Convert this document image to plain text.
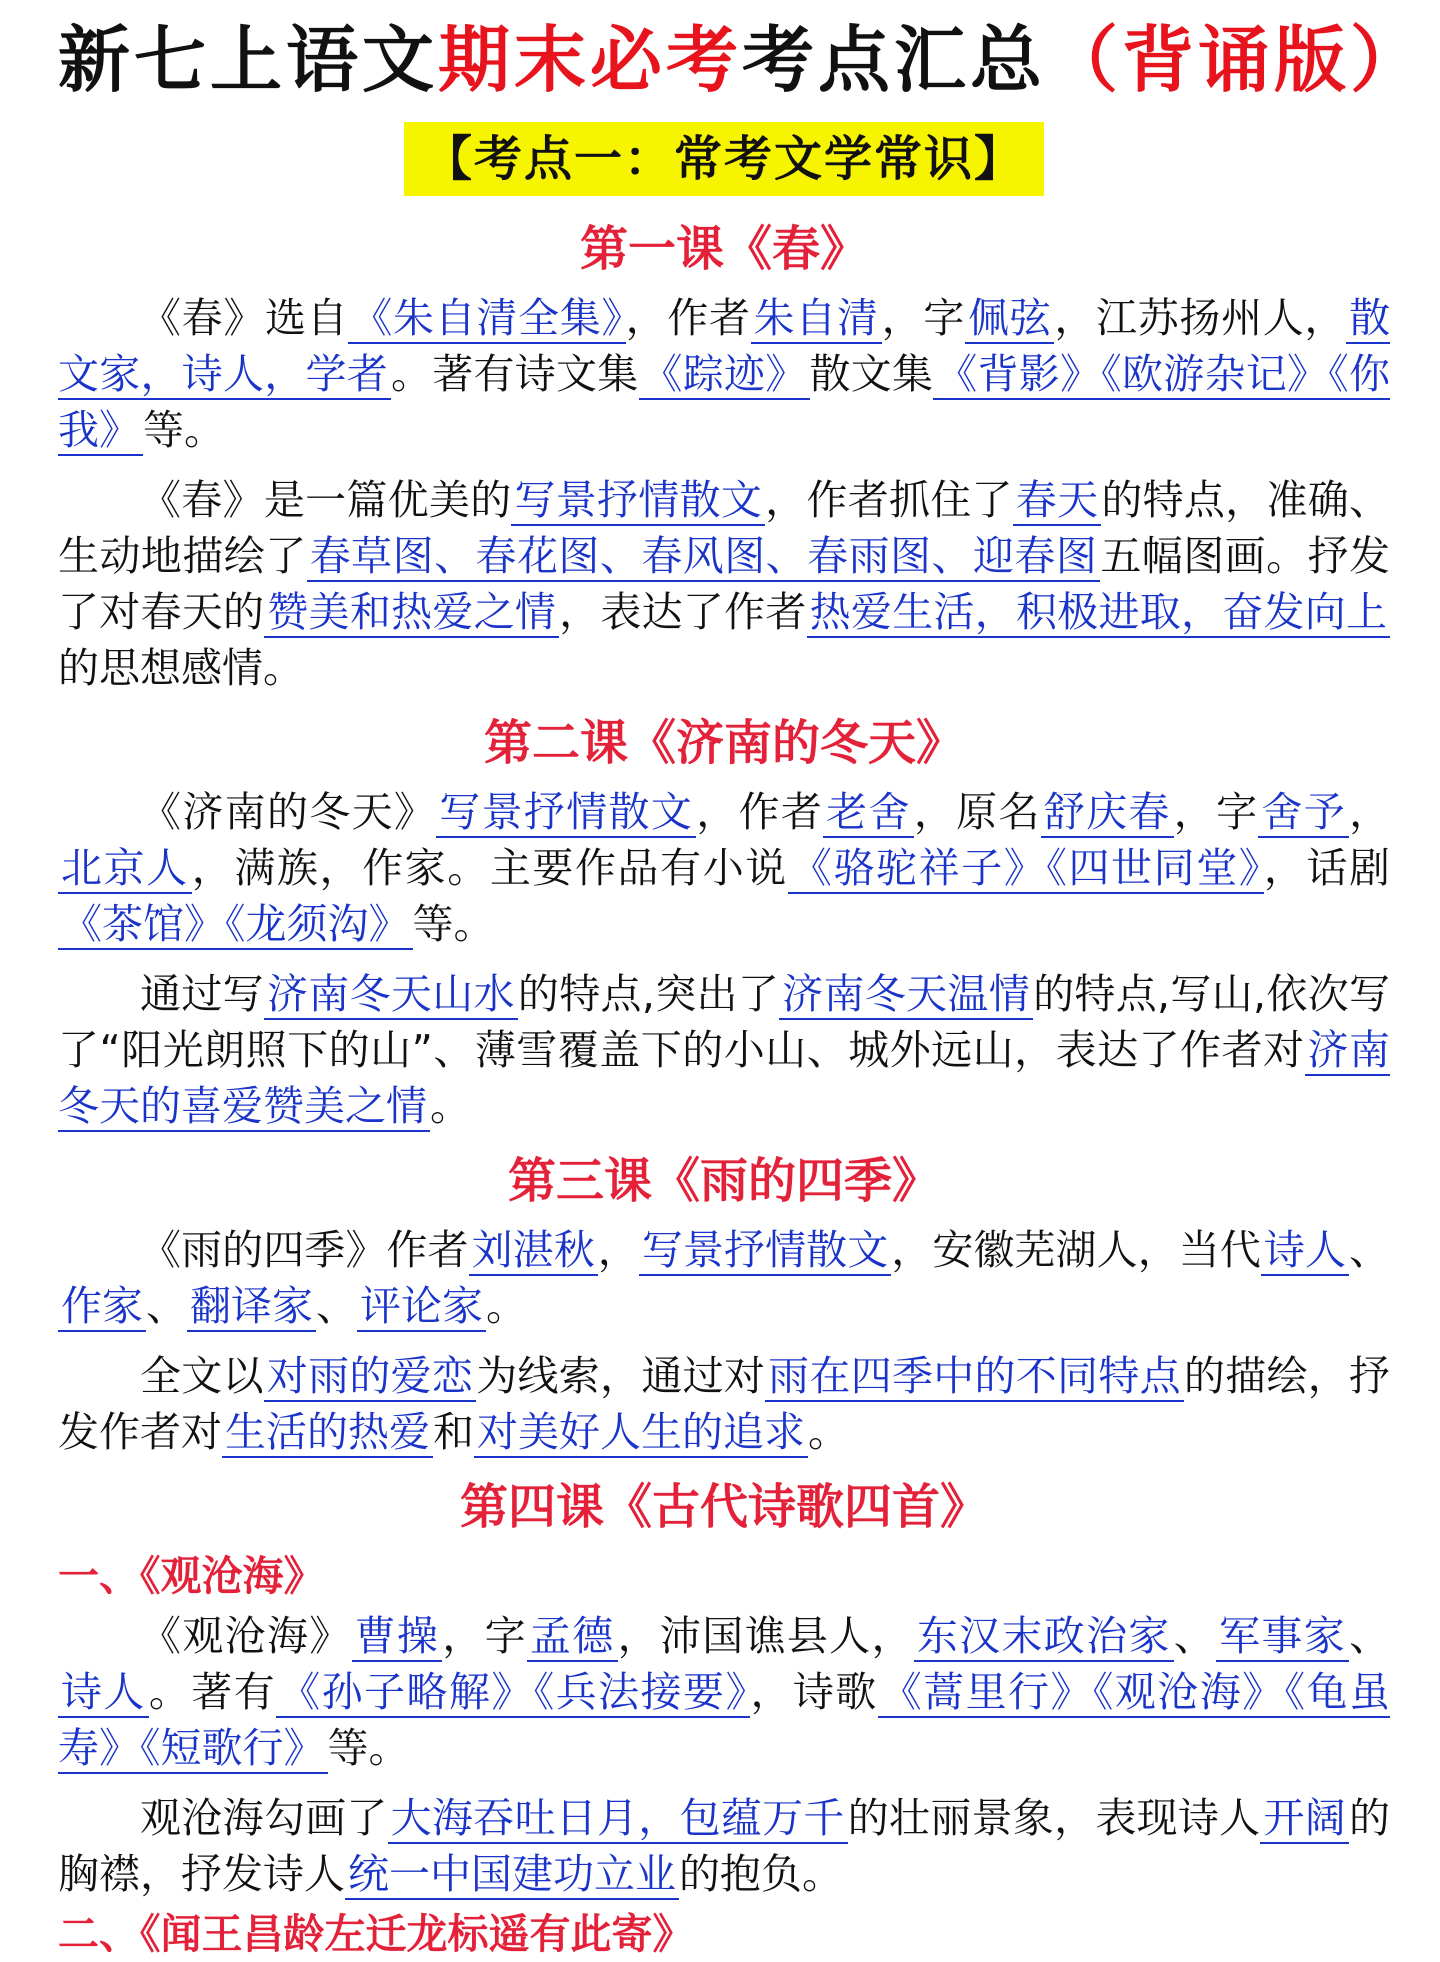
新七上语文期末必考考点汇总（背诵版）
【考点一：常考文学常识】
第一课《春》

《春》选自《朱自清全集》，作者朱自清，字佩弦，江苏扬州人，散文家，诗人，学者。著有诗文集《踪迹》散文集《背影》《欧游杂记》《你我》等。

《春》是一篇优美的写景抒情散文，作者抓住了春天的特点，准确、生动地描绘了春草图、春花图、春风图、春雨图、迎春图五幅图画。抒发了对春天的赞美和热爱之情，表达了作者热爱生活，积极进取，奋发向上的思想感情。

第二课《济南的冬天》

《济南的冬天》写景抒情散文，作者老舍，原名舒庆春，字舍予，北京人，满族，作家。主要作品有小说《骆驼祥子》《四世同堂》，话剧《茶馆》《龙须沟》等。

通过写济南冬天山水的特点,突出了济南冬天温情的特点,写山,依次写了“阳光朗照下的山”、薄雪覆盖下的小山、城外远山，表达了作者对济南冬天的喜爱赞美之情。

第三课《雨的四季》

《雨的四季》作者刘湛秋，写景抒情散文，安徽芜湖人，当代诗人、作家、翻译家、评论家。

全文以对雨的爱恋为线索，通过对雨在四季中的不同特点的描绘，抒发作者对生活的热爱和对美好人生的追求。

第四课《古代诗歌四首》
一、《观沧海》

《观沧海》曹操，字孟德，沛国谯县人，东汉末政治家、军事家、诗人。著有《孙子略解》《兵法接要》，诗歌《蒿里行》《观沧海》《龟虽寿》《短歌行》等。

观沧海勾画了大海吞吐日月，包蕴万千的壮丽景象，表现诗人开阔的胸襟，抒发诗人统一中国建功立业的抱负。

二、《闻王昌龄左迁龙标遥有此寄》
